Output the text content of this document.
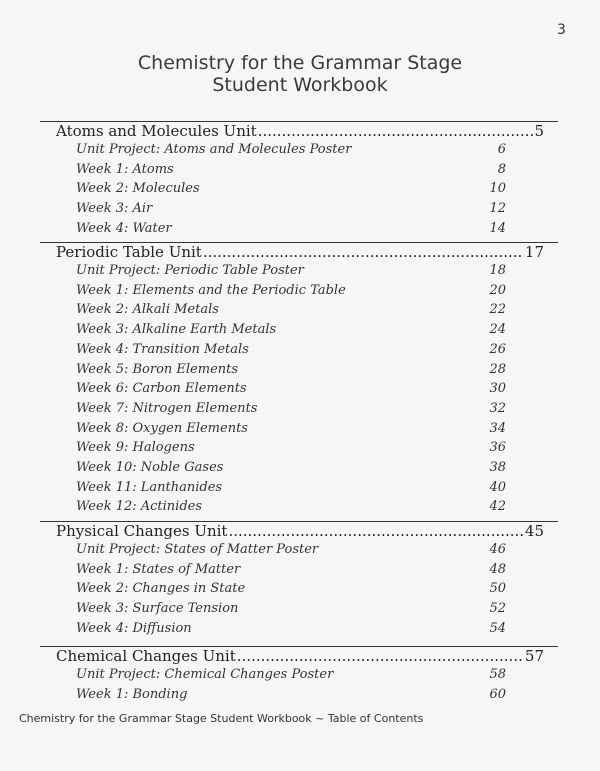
3
Chemistry for the Grammar Stage
Student Workbook
Atoms and Molecules Unit .....	5
Unit Project: Atoms and Molecules Poster	6
Week 1: Atoms	8
Week 2: Molecules	10
Week 3: Air	12
Week 4: Water	14
Periodic Table Unit .....	17
Unit Project: Periodic Table Poster	18
Week 1: Elements and the Periodic Table	20
Week 2: Alkali Metals	22
Week 3: Alkaline Earth Metals	24
Week 4: Transition Metals	26
Week 5: Boron Elements	28
Week 6: Carbon Elements	30
Week 7: Nitrogen Elements	32
Week 8: Oxygen Elements	34
Week 9: Halogens	36
Week 10: Noble Gases	38
Week 11: Lanthanides	40
Week 12: Actinides	42
Physical Changes Unit .....	45
Unit Project: States of Matter Poster	46
Week 1: States of Matter	48
Week 2: Changes in State	50
Week 3: Surface Tension	52
Week 4: Diffusion	54
Chemical Changes Unit .....	57
Unit Project: Chemical Changes Poster	58
Week 1: Bonding	60
Chemistry for the Grammar Stage Student Workbook ~ Table of Contents
